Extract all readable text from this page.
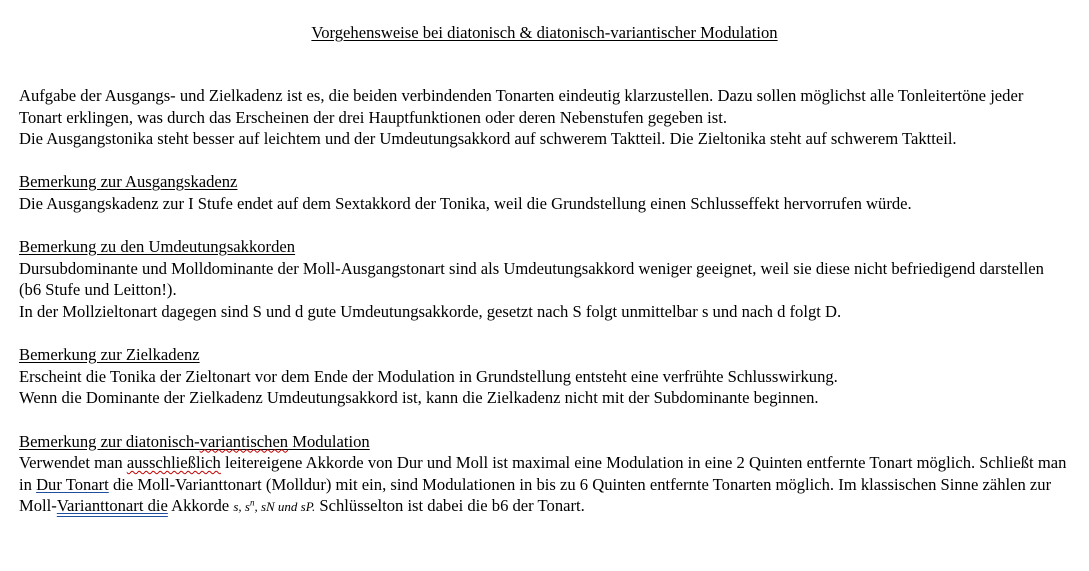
Vorgehensweise bei diatonisch & diatonisch-variantischer Modulation

Aufgabe der Ausgangs- und Zielkadenz ist es, die beiden verbindenden Tonarten eindeutig klarzustellen. Dazu sollen möglichst alle Tonleitertöne jeder Tonart erklingen, was durch das Erscheinen der drei Hauptfunktionen oder deren Nebenstufen gegeben ist.
Die Ausgangstonika steht besser auf leichtem und der Umdeutungsakkord auf schwerem Taktteil. Die Zieltonika steht auf schwerem Taktteil.

Bemerkung zur Ausgangskadenz
Die Ausgangskadenz zur I Stufe endet auf dem Sextakkord der Tonika, weil die Grundstellung einen Schlusseffekt hervorrufen würde.

Bemerkung zu den Umdeutungsakkorden
Dursubdominante und Molldominante der Moll-Ausgangstonart sind als Umdeutungsakkord weniger geeignet, weil sie diese nicht befriedigend darstellen (b6 Stufe und Leitton!).
In der Mollzieltonart dagegen sind S und d gute Umdeutungsakkorde, gesetzt nach S folgt unmittelbar s und nach d folgt D.

Bemerkung zur Zielkadenz
Erscheint die Tonika der Zieltonart vor dem Ende der Modulation in Grundstellung entsteht eine verfrühte Schlusswirkung.
Wenn die Dominante der Zielkadenz Umdeutungsakkord ist, kann die Zielkadenz nicht mit der Subdominante beginnen.

Bemerkung zur diatonisch-variantischen Modulation
Verwendet man ausschließlich leitereigene Akkorde von Dur und Moll ist maximal eine Modulation in eine 2 Quinten entfernte Tonart möglich. Schließt man in Dur Tonart die Moll-Varianttonart (Molldur) mit ein, sind Modulationen in bis zu 6 Quinten entfernte Tonarten möglich. Im klassischen Sinne zählen zur Moll-Varianttonart die Akkorde s, $s^n$, sN und sP. Schlüsselton ist dabei die b6 der Tonart.
